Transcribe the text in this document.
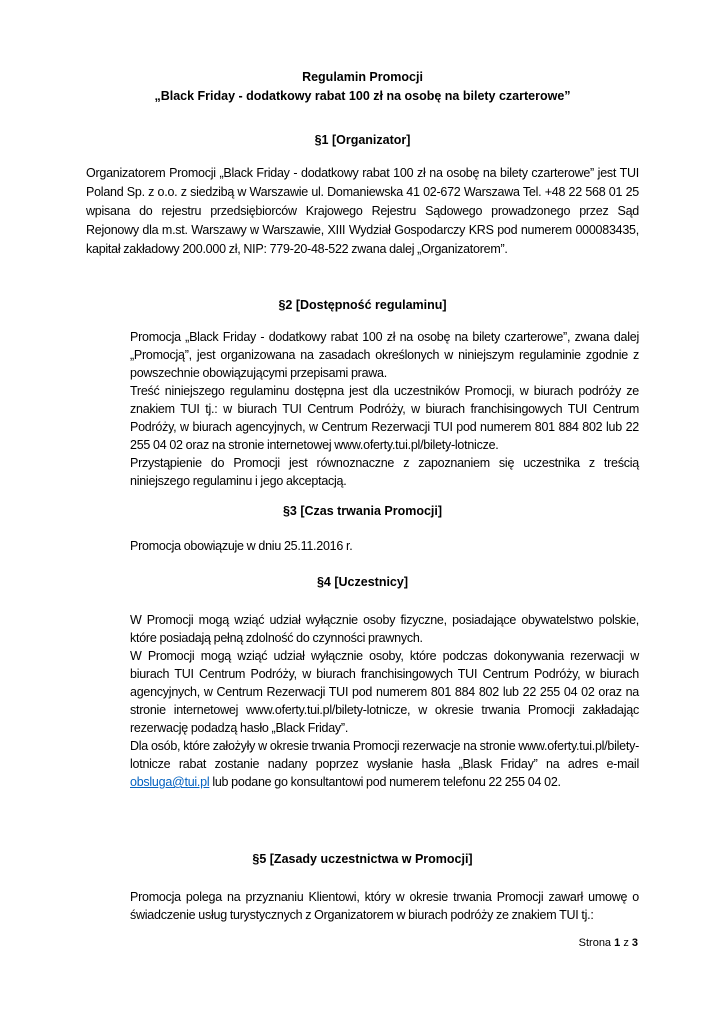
Regulamin Promocji
„Black Friday - dodatkowy rabat 100 zł na osobę na bilety czarterowe”
§1 [Organizator]
Organizatorem Promocji „Black Friday - dodatkowy rabat 100 zł na osobę na bilety czarterowe” jest TUI Poland Sp. z o.o. z siedzibą w Warszawie ul. Domaniewska 41 02-672 Warszawa Tel. +48 22 568 01 25 wpisana do rejestru przedsiębiorców Krajowego Rejestru Sądowego prowadzonego przez Sąd Rejonowy dla m.st. Warszawy w Warszawie, XIII Wydział Gospodarczy KRS pod numerem 000083435, kapitał zakładowy 200.000 zł, NIP: 779-20-48-522 zwana dalej „Organizatorem”.
§2 [Dostępność regulaminu]
Promocja „Black Friday - dodatkowy rabat 100 zł na osobę na bilety czarterowe”, zwana dalej „Promocją”, jest organizowana na zasadach określonych w niniejszym regulaminie zgodnie z powszechnie obowiązującymi przepisami prawa.
Treść niniejszego regulaminu dostępna jest dla uczestników Promocji, w biurach podróży ze znakiem TUI tj.: w biurach TUI Centrum Podróży, w biurach franchisingowych TUI Centrum Podróży, w biurach agencyjnych, w Centrum Rezerwacji TUI pod numerem 801 884 802 lub 22 255 04 02 oraz na stronie internetowej www.oferty.tui.pl/bilety-lotnicze.
Przystąpienie do Promocji jest równoznaczne z zapoznaniem się uczestnika z treścią niniejszego regulaminu i jego akceptacją.
§3 [Czas trwania Promocji]
Promocja obowiązuje w dniu 25.11.2016 r.
§4 [Uczestnicy]
W Promocji mogą wziąć udział wyłącznie osoby fizyczne, posiadające obywatelstwo polskie, które posiadają pełną zdolność do czynności prawnych.
W Promocji mogą wziąć udział wyłącznie osoby, które podczas dokonywania rezerwacji w biurach TUI Centrum Podróży, w biurach franchisingowych TUI Centrum Podróży, w biurach agencyjnych, w Centrum Rezerwacji TUI pod numerem 801 884 802 lub 22 255 04 02 oraz na stronie internetowej www.oferty.tui.pl/bilety-lotnicze, w okresie trwania Promocji zakładając rezerwację podadzą hasło „Black Friday”.
Dla osób, które założyły w okresie trwania Promocji rezerwacje na stronie www.oferty.tui.pl/bilety-lotnicze rabat zostanie nadany poprzez wysłanie hasła „Blask Friday” na adres e-mail obsluga@tui.pl lub podane go konsultantowi pod numerem telefonu 22 255 04 02.
§5 [Zasady uczestnictwa w Promocji]
Promocja polega na przyznaniu Klientowi, który w okresie trwania Promocji zawarł umowę o świadczenie usług turystycznych z Organizatorem w biurach podróży ze znakiem TUI tj.:
Strona 1 z 3
